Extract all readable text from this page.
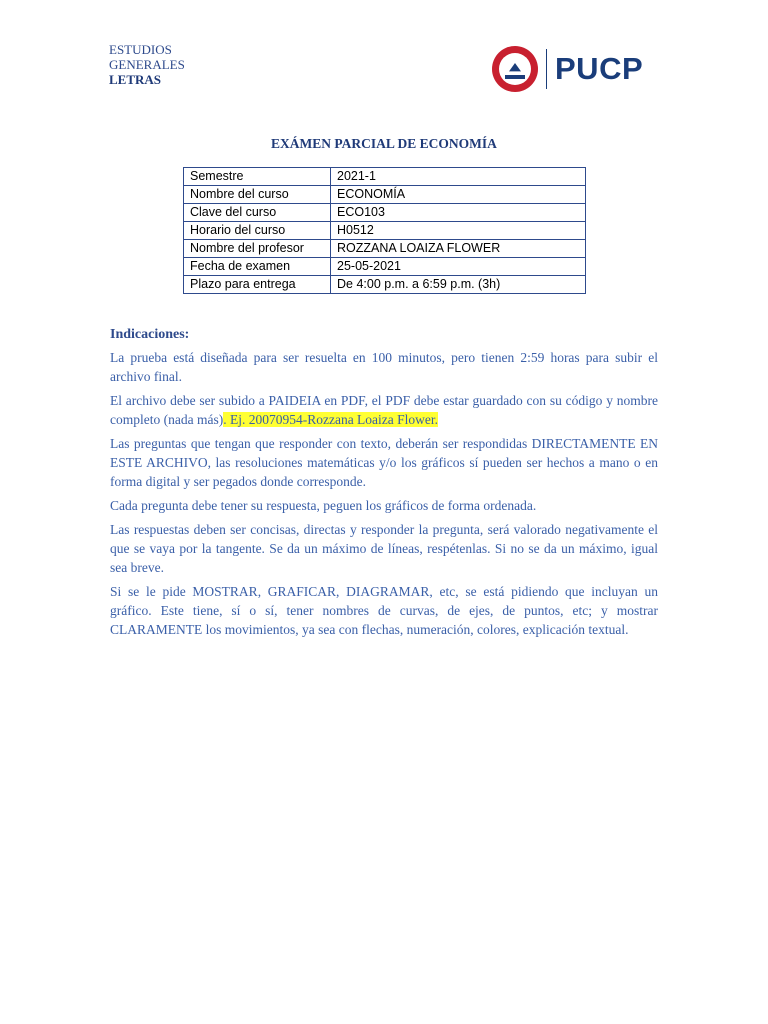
ESTUDIOS
GENERALES
LETRAS	PUCP
EXÁMEN PARCIAL DE ECONOMÍA
Semestre	2021-1
Nombre del curso	ECONOMÍA
Clave del curso	ECO103
Horario del curso	H0512
Nombre del profesor	ROZZANA LOAIZA FLOWER
Fecha de examen	25-05-2021
Plazo para entrega	De 4:00 p.m. a 6:59 p.m. (3h)
Indicaciones:

La prueba está diseñada para ser resuelta en 100 minutos, pero tienen 2:59 horas para subir el archivo final.

El archivo debe ser subido a PAIDEIA en PDF, el PDF debe estar guardado con su código y nombre completo (nada más). Ej. 20070954-Rozzana Loaiza Flower.

Las preguntas que tengan que responder con texto, deberán ser respondidas DIRECTAMENTE EN ESTE ARCHIVO, las resoluciones matemáticas y/o los gráficos sí pueden ser hechos a mano o en forma digital y ser pegados donde corresponde.

Cada pregunta debe tener su respuesta, peguen los gráficos de forma ordenada.

Las respuestas deben ser concisas, directas y responder la pregunta, será valorado negativamente el que se vaya por la tangente. Se da un máximo de líneas, respétenlas. Si no se da un máximo, igual sea breve.

Si se le pide MOSTRAR, GRAFICAR, DIAGRAMAR, etc, se está pidiendo que incluyan un gráfico. Este tiene, sí o sí, tener nombres de curvas, de ejes, de puntos, etc; y mostrar CLARAMENTE los movimientos, ya sea con flechas, numeración, colores, explicación textual.
